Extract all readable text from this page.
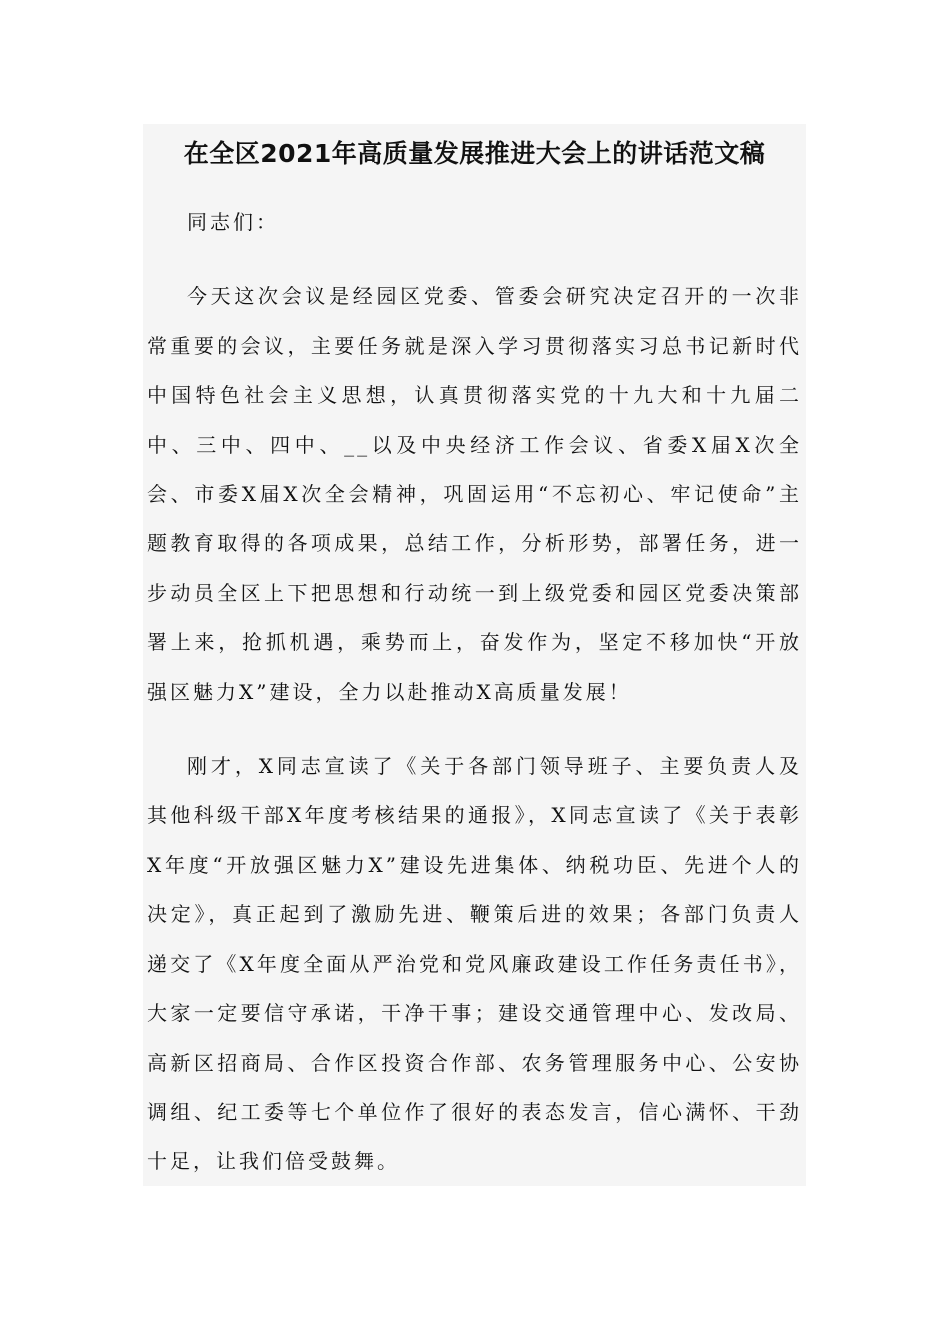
在全区2021年高质量发展推进大会上的讲话范文稿

同志们：

今天这次会议是经园区党委、管委会研究决定召开的一次非常重要的会议，主要任务就是深入学习贯彻落实习总书记新时代中国特色社会主义思想，认真贯彻落实党的十九大和十九届二中、三中、四中、__以及中央经济工作会议、省委X届X次全会、市委X届X次全会精神，巩固运用“不忘初心、牢记使命”主题教育取得的各项成果，总结工作，分析形势，部署任务，进一步动员全区上下把思想和行动统一到上级党委和园区党委决策部署上来，抢抓机遇，乘势而上，奋发作为，坚定不移加快“开放强区魅力X”建设，全力以赴推动X高质量发展！

刚才，X同志宣读了《关于各部门领导班子、主要负责人及其他科级干部X年度考核结果的通报》，X同志宣读了《关于表彰X年度“开放强区魅力X”建设先进集体、纳税功臣、先进个人的决定》，真正起到了激励先进、鞭策后进的效果；各部门负责人递交了《X年度全面从严治党和党风廉政建设工作任务责任书》，大家一定要信守承诺，干净干事；建设交通管理中心、发改局、高新区招商局、合作区投资合作部、农务管理服务中心、公安协调组、纪工委等七个单位作了很好的表态发言，信心满怀、干劲十足，让我们倍受鼓舞。
